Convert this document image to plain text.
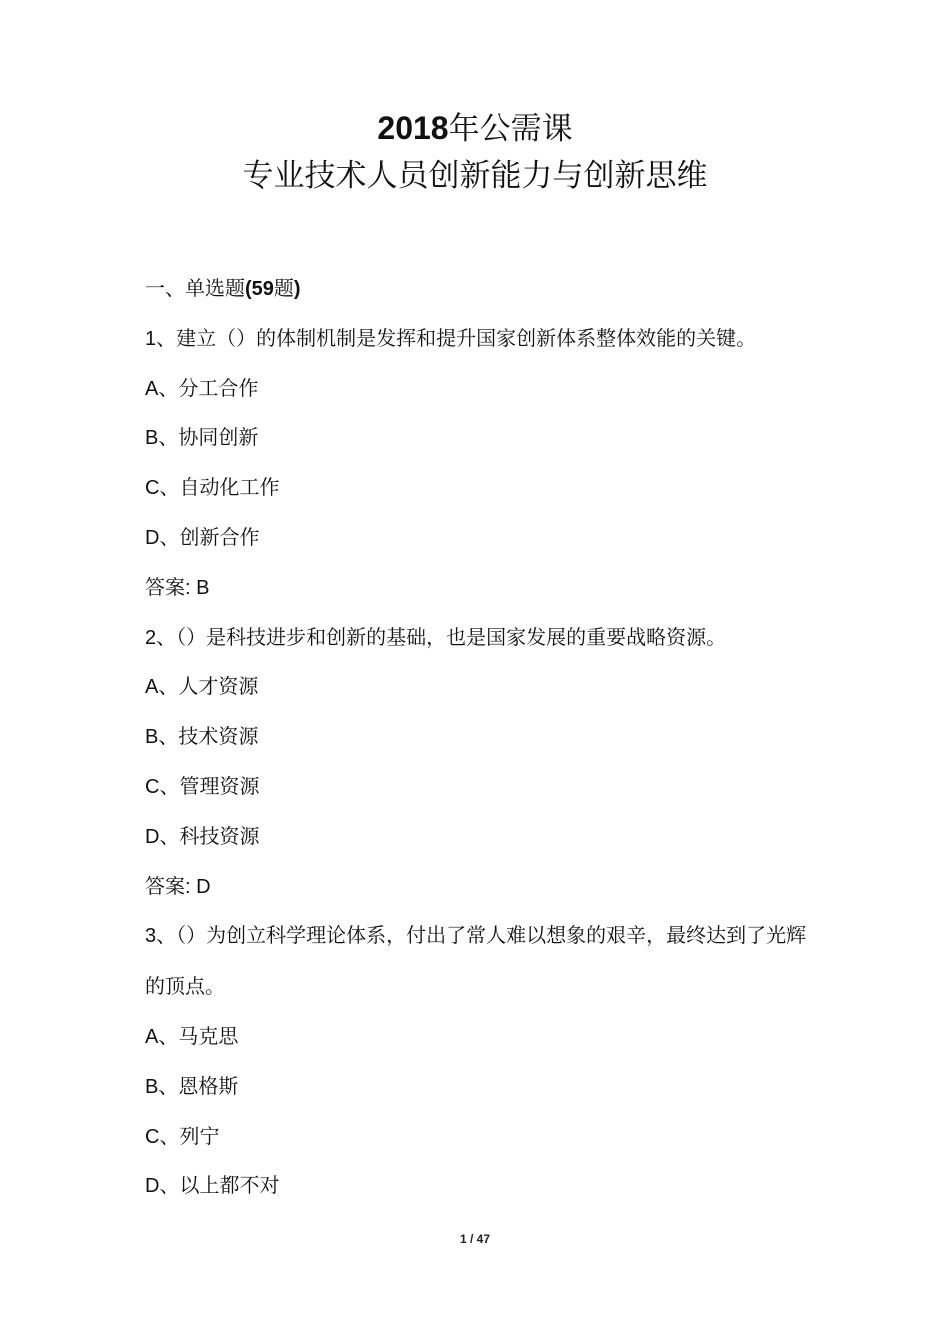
2018年公需课
专业技术人员创新能力与创新思维
一、单选题(59题)
1、建立（）的体制机制是发挥和提升国家创新体系整体效能的关键。
A、分工合作
B、协同创新
C、自动化工作
D、创新合作
答案: B
2、（）是科技进步和创新的基础，也是国家发展的重要战略资源。
A、人才资源
B、技术资源
C、管理资源
D、科技资源
答案: D
3、（）为创立科学理论体系，付出了常人难以想象的艰辛，最终达到了光辉的顶点。
A、马克思
B、恩格斯
C、列宁
D、以上都不对
1 / 47
